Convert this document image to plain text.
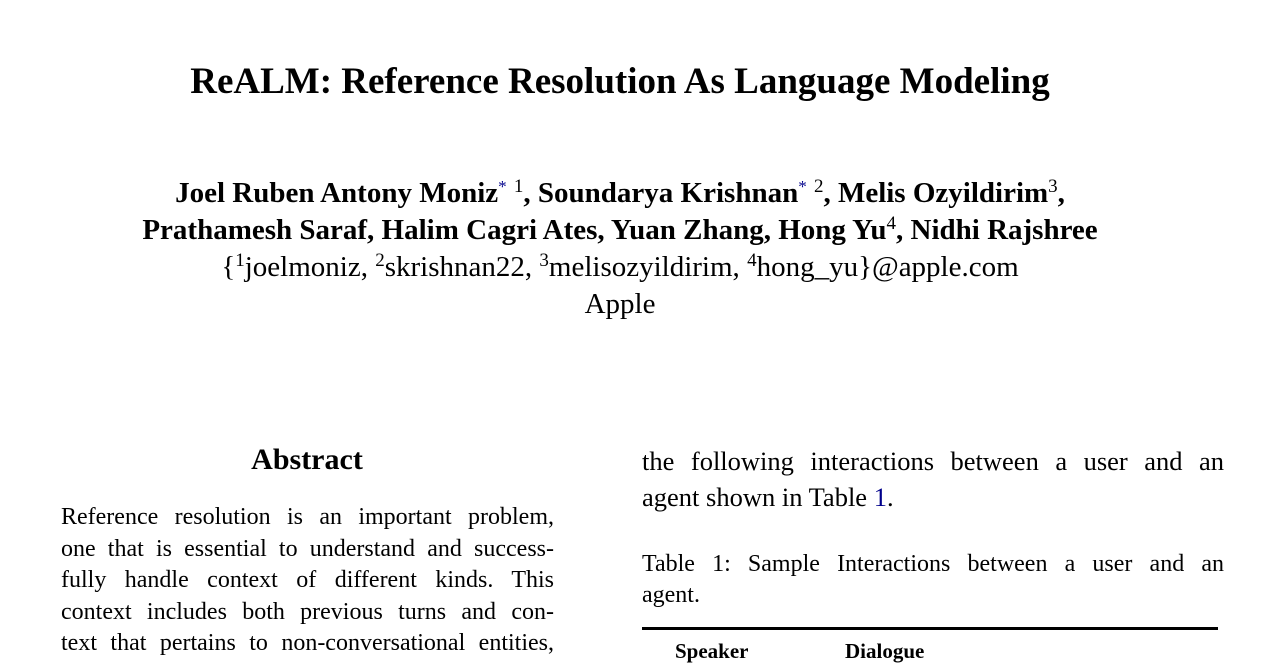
ReALM: Reference Resolution As Language Modeling
Joel Ruben Antony Moniz* $^1$, Soundarya Krishnan* $^2$, Melis Ozyildirim$^3$,
Prathamesh Saraf, Halim Cagri Ates, Yuan Zhang, Hong Yu$^4$, Nidhi Rajshree
{$^1$joelmoniz, $^2$skrishnan22, $^3$melisozyildirim, $^4$hong_yu}@apple.com
Apple
Abstract
Reference resolution is an important problem,
one that is essential to understand and success-
fully handle context of different kinds. This
context includes both previous turns and con-
text that pertains to non-conversational entities,
the following interactions between a user and an
agent shown in Table 1.
Table 1: Sample Interactions between a user and an
agent.
Speaker	Dialogue
